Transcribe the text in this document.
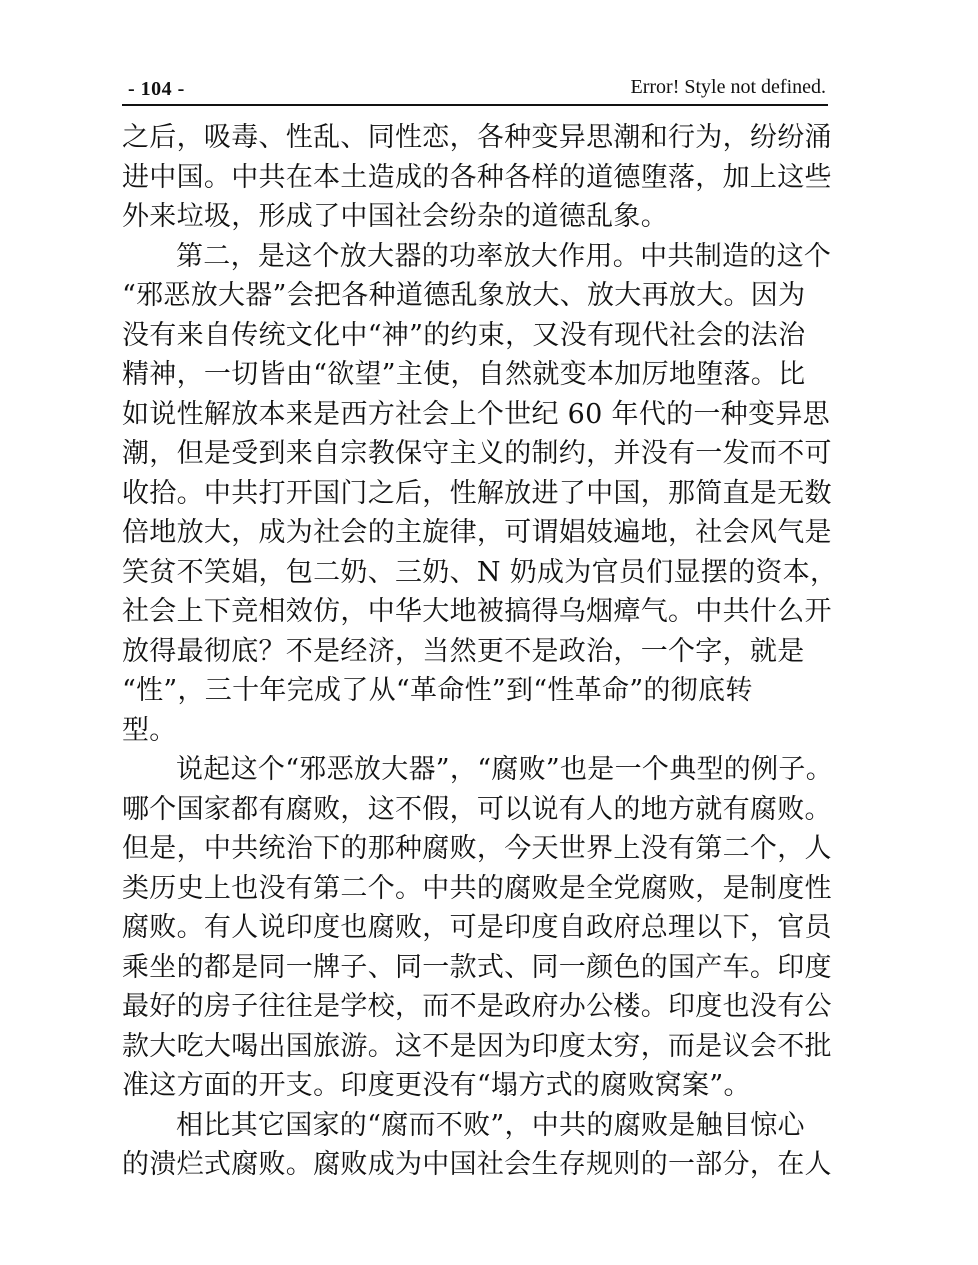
- 104 -	Error! Style not defined.
之后，吸毒、性乱、同性恋，各种变异思潮和行为，纷纷涌
进中国。中共在本土造成的各种各样的道德堕落，加上这些
外来垃圾，形成了中国社会纷杂的道德乱象。
第二，是这个放大器的功率放大作用。中共制造的这个
“邪恶放大器”会把各种道德乱象放大、放大再放大。因为
没有来自传统文化中“神”的约束，又没有现代社会的法治
精神，一切皆由“欲望”主使，自然就变本加厉地堕落。比
如说性解放本来是西方社会上个世纪 60 年代的一种变异思
潮，但是受到来自宗教保守主义的制约，并没有一发而不可
收拾。中共打开国门之后，性解放进了中国，那简直是无数
倍地放大，成为社会的主旋律，可谓娼妓遍地，社会风气是
笑贫不笑娼，包二奶、三奶、N 奶成为官员们显摆的资本，
社会上下竞相效仿，中华大地被搞得乌烟瘴气。中共什么开
放得最彻底？不是经济，当然更不是政治，一个字，就是
“性”，三十年完成了从“革命性”到“性革命”的彻底转
型。
说起这个“邪恶放大器”，“腐败”也是一个典型的例子。
哪个国家都有腐败，这不假，可以说有人的地方就有腐败。
但是，中共统治下的那种腐败，今天世界上没有第二个，人
类历史上也没有第二个。中共的腐败是全党腐败，是制度性
腐败。有人说印度也腐败，可是印度自政府总理以下，官员
乘坐的都是同一牌子、同一款式、同一颜色的国产车。印度
最好的房子往往是学校，而不是政府办公楼。印度也没有公
款大吃大喝出国旅游。这不是因为印度太穷，而是议会不批
准这方面的开支。印度更没有“塌方式的腐败窝案”。
相比其它国家的“腐而不败”，中共的腐败是触目惊心
的溃烂式腐败。腐败成为中国社会生存规则的一部分，在人
